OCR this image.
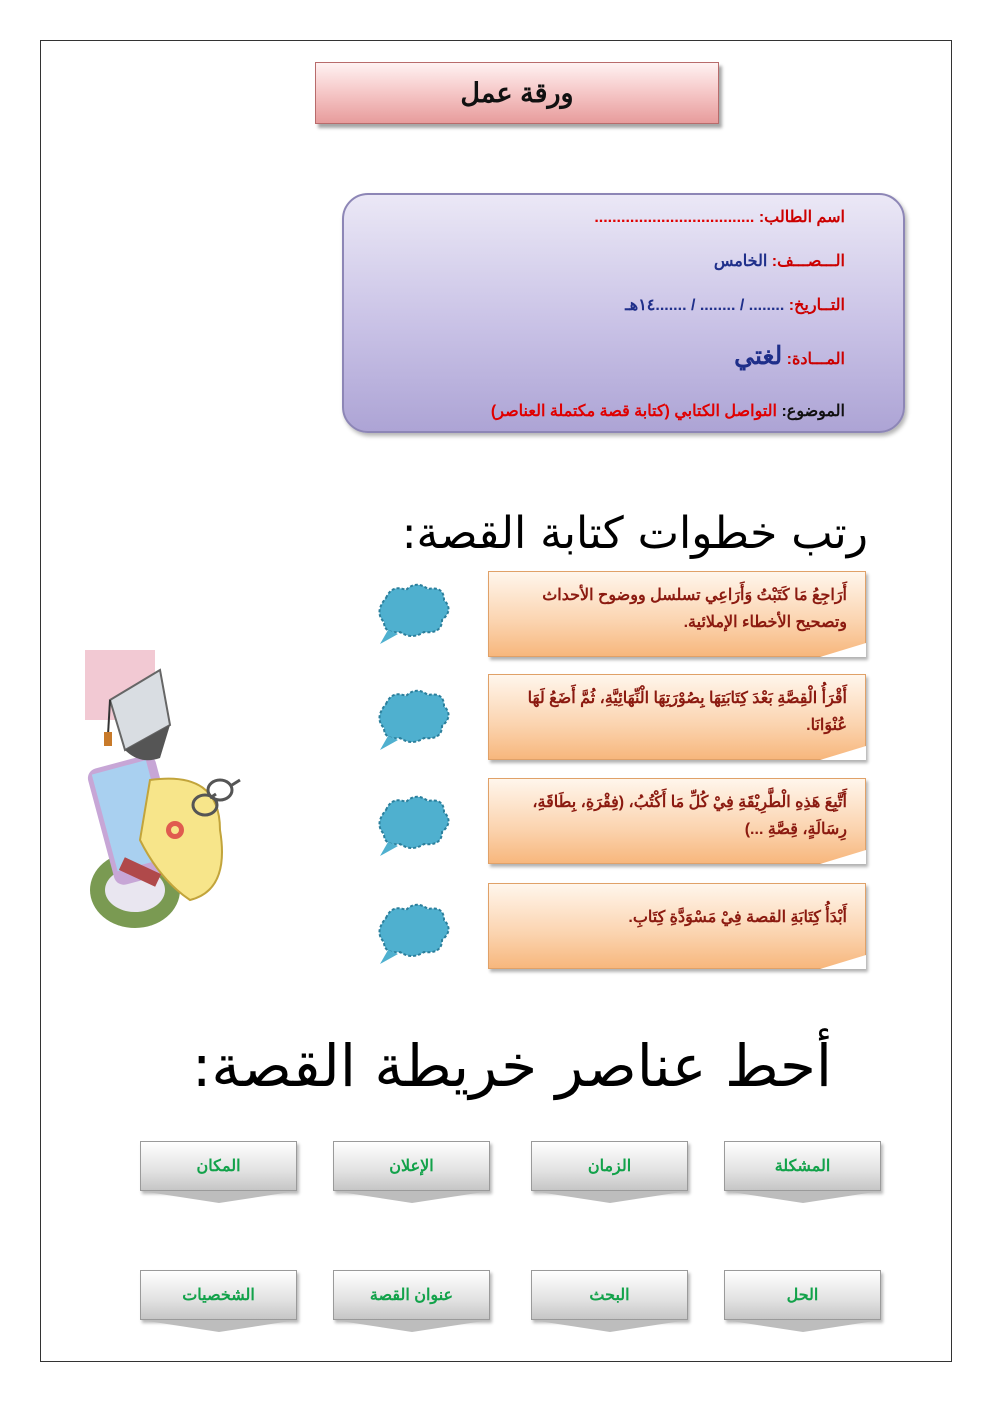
ورقة عمل
اسم الطالب: ....................................
الـــصـــف: الخامس
التــاريخ: ........ / ........ / .......١٤هـ
المـــادة: لغتي
الموضوع: التواصل الكتابي (كتابة قصة مكتملة العناصر)
رتب خطوات كتابة القصة:
أَرَاجِعُ مَا كَتَبْتُ وَأَرَاعِي تسلسل ووضوح الأحداث وتصحيح الأخطاء الإملائية.
أَقْرَأُ الْقِصَّةِ بَعْدَ كِتَابَتِهَا بِصُوْرَتِهَا الْنِّهَائِيَّةِ، ثُمَّ أَضَعُ لَهَا عُنْوَانَا.
أَتَّبِعَ هَذِهِ الْطَّرِيْقَةِ فِيْ كُلِّ مَا أَكْتُبُ، (فِقْرَةِ، بِطَاقَةِ، رِسَالَةٍ، قِصَّةِ ...)
أَبْدَأُ كِتَابَةِ القصة فِيْ مَسْوَدَّةِ كِتَابِ.
أحط عناصر خريطة القصة:
المشكلة
الزمان
الإعلان
المكان
الحل
البحث
عنوان القصة
الشخصيات
